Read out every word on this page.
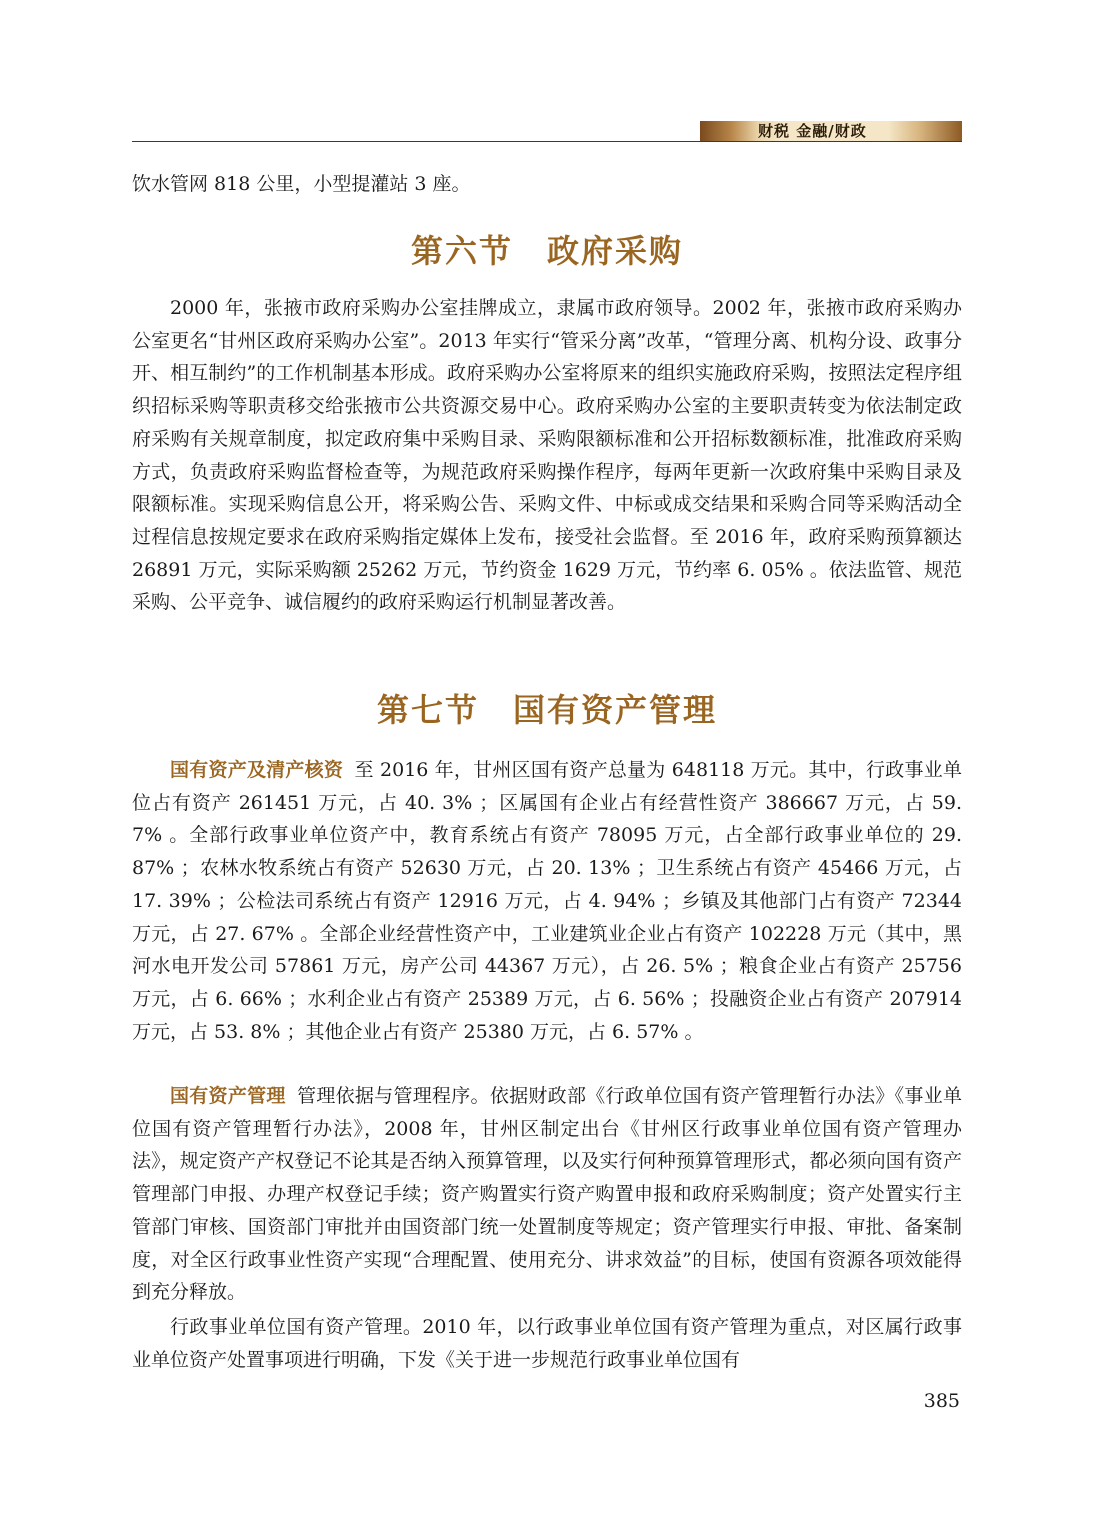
财税 金融/财政
饮水管网 818 公里，小型提灌站 3 座。
第六节　政府采购
2000 年，张掖市政府采购办公室挂牌成立，隶属市政府领导。2002 年，张掖市政府采购办公室更名“甘州区政府采购办公室”。2013 年实行“管采分离”改革，“管理分离、机构分设、政事分开、相互制约”的工作机制基本形成。政府采购办公室将原来的组织实施政府采购，按照法定程序组织招标采购等职责移交给张掖市公共资源交易中心。政府采购办公室的主要职责转变为依法制定政府采购有关规章制度，拟定政府集中采购目录、采购限额标准和公开招标数额标准，批准政府采购方式，负责政府采购监督检查等，为规范政府采购操作程序，每两年更新一次政府集中采购目录及限额标准。实现采购信息公开，将采购公告、采购文件、中标或成交结果和采购合同等采购活动全过程信息按规定要求在政府采购指定媒体上发布，接受社会监督。至 2016 年，政府采购预算额达 26891 万元，实际采购额 25262 万元，节约资金 1629 万元，节约率 6. 05% 。依法监管、规范采购、公平竞争、诚信履约的政府采购运行机制显著改善。
第七节　国有资产管理
国有资产及清产核资 至 2016 年，甘州区国有资产总量为 648118 万元。其中，行政事业单位占有资产 261451 万元，占 40. 3% ；区属国有企业占有经营性资产 386667 万元，占 59. 7% 。全部行政事业单位资产中，教育系统占有资产 78095 万元，占全部行政事业单位的 29. 87% ；农林水牧系统占有资产 52630 万元，占 20. 13% ；卫生系统占有资产 45466 万元，占 17. 39% ；公检法司系统占有资产 12916 万元，占 4. 94% ；乡镇及其他部门占有资产 72344 万元，占 27. 67% 。全部企业经营性资产中，工业建筑业企业占有资产 102228 万元（其中，黑河水电开发公司 57861 万元，房产公司 44367 万元），占 26. 5% ；粮食企业占有资产 25756 万元，占 6. 66% ；水利企业占有资产 25389 万元，占 6. 56% ；投融资企业占有资产 207914 万元，占 53. 8% ；其他企业占有资产 25380 万元，占 6. 57% 。
国有资产管理 管理依据与管理程序。依据财政部《行政单位国有资产管理暂行办法》《事业单位国有资产管理暂行办法》，2008 年，甘州区制定出台《甘州区行政事业单位国有资产管理办法》，规定资产产权登记不论其是否纳入预算管理，以及实行何种预算管理形式，都必须向国有资产管理部门申报、办理产权登记手续；资产购置实行资产购置申报和政府采购制度；资产处置实行主管部门审核、国资部门审批并由国资部门统一处置制度等规定；资产管理实行申报、审批、备案制度，对全区行政事业性资产实现“合理配置、使用充分、讲求效益”的目标，使国有资源各项效能得到充分释放。
行政事业单位国有资产管理。2010 年，以行政事业单位国有资产管理为重点，对区属行政事业单位资产处置事项进行明确，下发《关于进一步规范行政事业单位国有
385
